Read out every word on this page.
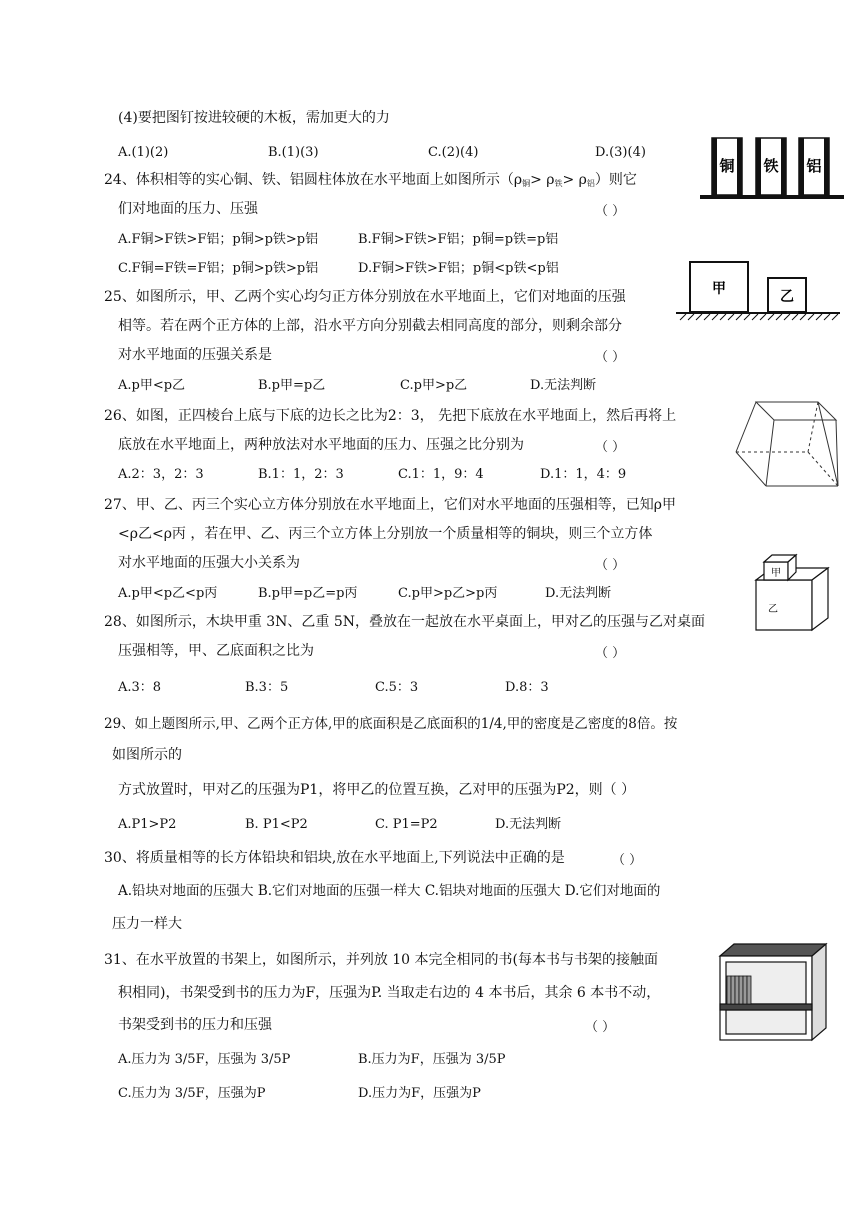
(4)要把图钉按进较硬的木板，需加更大的力
A.(1)(2)	B.(1)(3)	C.(2)(4)	D.(3)(4)
24、体积相等的实心铜、铁、铝圆柱体放在水平地面上如图所示$(\rho_铜> \rho_铁> \rho_铝)$则它
们对地面的压力、压强	（ ）
A.F铜>F铁>F铝；p铜>p铁>p铝	B.F铜>F铁>F铝；p铜=p铁=p铝
C.F铜=F铁=F铝；p铜>p铁>p铝	D.F铜>F铁>F铝；p铜<p铁<p铝
铜 铁 铝
25、如图所示，甲、乙两个实心均匀正方体分别放在水平地面上，它们对地面的压强
相等。若在两个正方体的上部，沿水平方向分别截去相同高度的部分，则剩余部分
对水平地面的压强关系是	（ ）
A.p甲<p乙	B.p甲=p乙	C.p甲>p乙	D.无法判断
甲	乙
26、如图，正四棱台上底与下底的边长之比为2：3， 先把下底放在水平地面上，然后再将上
底放在水平地面上，两种放法对水平地面的压力、压强之比分别为	（ ）
A.2：3，2：3	B.1：1，2：3	C.1：1，9：4	D.1：1，4：9
27、甲、乙、丙三个实心立方体分别放在水平地面上，它们对水平地面的压强相等，已知ρ甲
<ρ乙<ρ丙 ，若在甲、乙、丙三个立方体上分别放一个质量相等的铜块，则三个立方体
对水平地面的压强大小关系为	（ ）
A.p甲<p乙<p丙	B.p甲=p乙=p丙	C.p甲>p乙>p丙	D.无法判断
甲
乙
28、如图所示，木块甲重 3N、乙重 5N，叠放在一起放在水平桌面上，甲对乙的压强与乙对桌面
压强相等，甲、乙底面积之比为	（ ）
A.3：8	B.3：5	C.5：3	D.8：3
29、如上题图所示,甲、乙两个正方体,甲的底面积是乙底面积的1/4,甲的密度是乙密度的8倍。按
如图所示的
方式放置时，甲对乙的压强为P1，将甲乙的位置互换，乙对甲的压强为P2，则（ ）
A.P1>P2	B. P1<P2	C. P1=P2	D.无法判断
30、将质量相等的长方体铅块和铝块,放在水平地面上,下列说法中正确的是	（ ）
A.铅块对地面的压强大 B.它们对地面的压强一样大 C.铝块对地面的压强大 D.它们对地面的
压力一样大
31、在水平放置的书架上，如图所示，并列放 10 本完全相同的书(每本书与书架的接触面
积相同)，书架受到书的压力为F，压强为P. 当取走右边的 4 本书后，其余 6 本书不动，
书架受到书的压力和压强	（ ）
A.压力为 3/5F，压强为 3/5P	B.压力为F，压强为 3/5P
C.压力为 3/5F，压强为P	D.压力为F，压强为P
